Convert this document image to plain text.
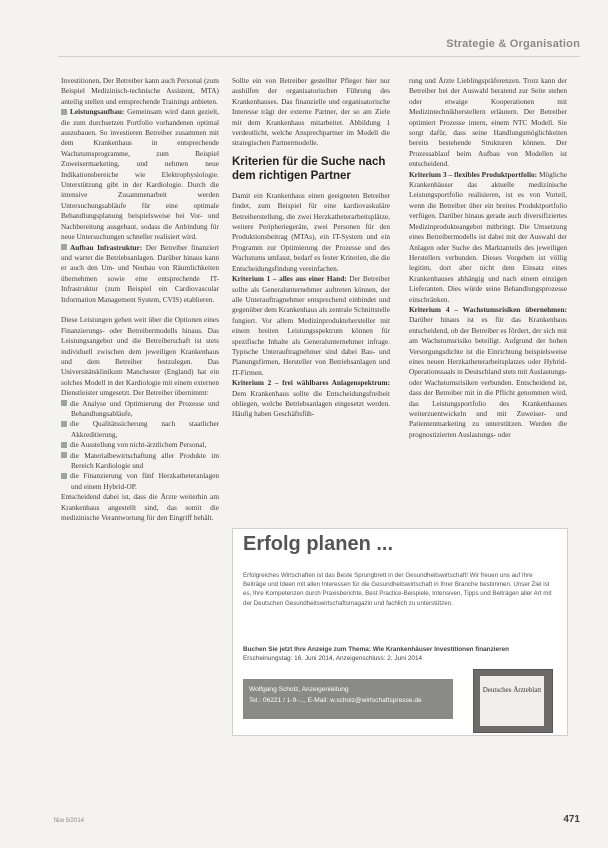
Strategie & Organisation

Investitionen, Der Betreiber kann auch Personal (zum Beispiel Medizinisch-technische Assistent, MTA) anteilig stellen und entsprechende Trainings anbieten.

Leistungsaufbau: Gemeinsam wird dann gezielt, die zum durchsetzen Portfolio vorhandenen optimal auszubauen. So investieren Betreiber zusammen mit dem Krankenhaus in entsprechende Wachstumsprogramme, zum Beispiel Zuweisermarketing, und nehmen neue Indikationsbereiche wie Elektrophysiologie. Unterstützung gibt in der Kardiologie. Durch die intensive Zusammenarbeit werden Untersuchungsabläufe für eine optimale Behandlungsplanung beispielsweise bei Vor- und Nachbereitung ausgebaut, sodass die Anbindung für neue Untersuchungen schneller realisiert wird.

Aufbau Infrastruktur: Der Betreiber finanziert und wartet die Betriebsanlagen. Darüber hinaus kann er auch den Um- und Neubau von Räumlichkeiten übernehmen sowie eine entsprechende IT-Infrastruktur (zum Beispiel ein Cardiovascular Information Management System, CVIS) etablieren.

Diese Leistungen gehen weit über die Optionen eines Finanzierungs- oder Betreibermodells hinaus. Das Leistungsangebot und die Betreiberschaft ist stets individuell zwischen dem jeweiligen Krankenhaus und dem Betreiber festzulegen. Das Universitätsklinikum Manchester (England) hat ein solches Modell in der Kardiologie mit einem externen Dienstleister umgesetzt. Der Betreiber übernimmt:

die Analyse und Optimierung der Prozesse und Behandlungsabläufe,

die Qualitätssicherung nach staatlicher Akkreditierung,

die Ausstellung von nicht-ärztlichem Personal,

die Materialbewirtschaftung aller Produkte im Bereich Kardiologie und

die Finanzierung von fünf Herzkatheteranlagen und einem Hybrid-OP.

Entscheidend dabei ist, dass die Ärzte weiterhin am Krankenhaus angestellt sind, das somit die medizinische Verantwortung für den Eingriff behält.

Sollte ein von Betreiber gestellter Pfleger hier nur aushilfen der organisatorischen Führung des Krankenhauses. Das finanzielle und organisatorische Interesse trägt der externe Partner, der so am Ziele mit dem Krankenhaus mitarbeitet. Abbildung 1 verdeutlicht, welche Ansprechpartner im Modell die strategischen Partnermodelle.

Kriterien für die Suche nach dem richtigen Partner

Damit ein Krankenhaus einen geeigneten Betreiber findet, zum Beispiel für eine kardiovaskuläre Betreiberstellung, die zwei Herzkatheterarbeitsplätze, weitere Peripheriegeräte, zwei Personen für den Produktionsbeitrag (MTAs), ein IT-System und ein Programm zur Optimierung der Prozesse und des Wachstums umfasst, bedarf es fester Kriterien, die die Entscheidungsfindung vereinfachen.

Kriterium 1 – alles aus einer Hand: Der Betreiber sollte als Generalunternehmer auftreten können, der alle Unterauftragnehmer entsprechend einbindet und gegenüber dem Krankenhaus als zentrale Schnittstelle fungiert. Vor allem Medizinproduktehersteller mit einem breiten Leistungsspektrum können für spezifische Inhalte als Generalunternehmer infrage. Typische Unterauftragnehmer sind dabei Bau- und Planungsfirmen, Hersteller von Betriebsanlagen und IT-Firmen.

Kriterium 2 – frei wählbares Anlagenspektrum: Dem Krankenhaus sollte die Entscheidungsfreiheit obliegen, welche Betriebsanlagen eingesetzt werden. Häufig haben Geschäftsfüh-

rung und Ärzte Lieblingspräferenzen. Trotz kann der Betreiber bei der Auswahl beratend zur Seite stehen oder etwaige Kooperationen mit Medizintechnikherstellern erläutern. Der Betreiber optimiert Prozesse intern, einem NTC Modell. Sie sorgt dafür, dass seine Handlungsmöglichkeiten bereits bestehende Strukturen können. Der Prozessablauf beim Aufbau von Modellen ist entscheidend.

Kriterium 3 – flexibles Produktportfolio: Mögliche Krankenhäuser das aktuelle medizinische Leistungsportfolio realisieren, ist es von Vorteil, wenn die Betreiber über ein breites Produktportfolio verfügen. Darüber hinaus gerade auch diversifiziertes Medizinprodukteangebot mitbringt. Die Umsetzung eines Betreibermodells ist dabei mit der Auswahl der Anlagen oder Suche des Marktanteils des jeweiligen Herstellers verbunden. Dieses Vorgehen ist völlig legitim, dort aber nicht dem Einsatz eines Krankenhauses abhängig und nach einem einzigen Lieferanten. Dies würde seine Behandlungsprozesse einschränken.

Kriterium 4 – Wachstumsrisiken übernehmen: Darüber hinaus ist es für das Krankenhaus entscheidend, ob der Betreiber es fördert, der sich mit am Wachstumsrisiko beteiligt. Aufgrund der hohen Versorgungsdichte ist die Einrichtung beispielsweise eines neuen Herzkatheterarbeitsplatzes oder Hybrid-Operationssaals in Deutschland stets mit Auslastungs- oder Wachstumsrisiken verbunden. Entscheidend ist, dass der Betreiber mit in die Pflicht genommen wird, das Leistungsportfolio des Krankenhauses weiterzuentwickeln und mit Zuweiser- und Patientenmarketing zu unterstützen. Werden die prognostizierten Auslastungs- oder

Erfolg planen ...
Erfolgreiches Wirtschaften ist das Beste Sprungbrett in der Gesundheitswirtschaft! Wir freuen uns auf Ihre Beiträge und Ideen mit allen Interessen für die Gesundheitswirtschaft in Ihrer Branche bestimmen. Unser Ziel ist es, Ihre Kompetenzen durch Praxisberichte, Best Practice-Beispiele, Intensiven, Tipps und Beiträgen aller Art mit der Deutschen Gesundheitswirtschaftsmagazin und fachlich zu unterstützen.
Buchen Sie jetzt Ihre Anzeige zum Thema: Wie Krankenhäuser Investitionen finanzieren
Erscheinungstag: 16. Juni 2014, Anzeigenschluss: 2. Juni 2014
Wolfgang Scholz, Anzeigenleitung
Tel.: 06221 / 1-9-..., E-Mail: w.scholz@wirtschaftspresse.de
Deutsches Ärzteblatt
f&w 5/2014	471
